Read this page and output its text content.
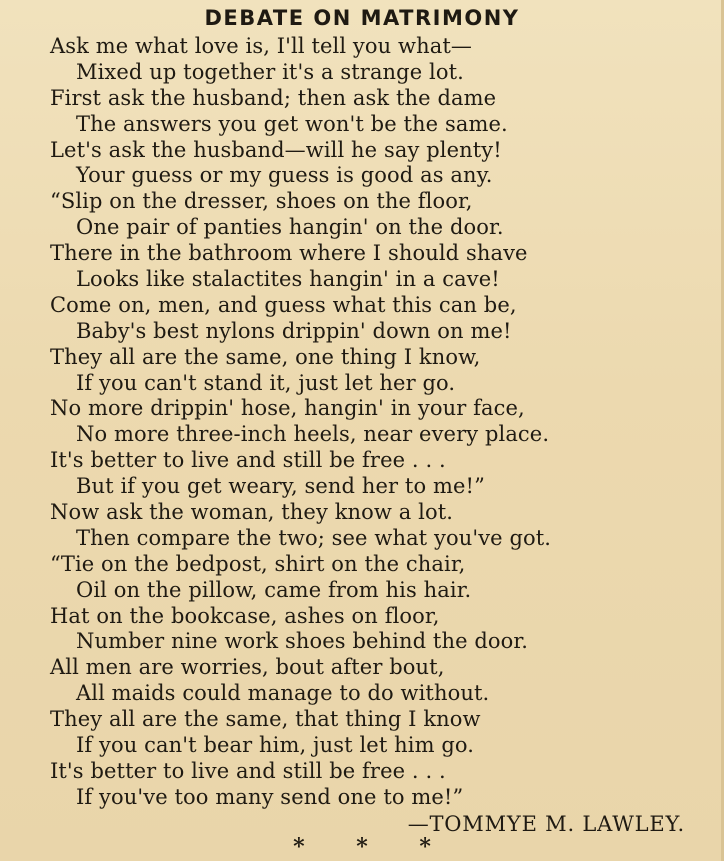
DEBATE ON MATRIMONY
Ask me what love is, I'll tell you what—
Mixed up together it's a strange lot.
First ask the husband; then ask the dame
The answers you get won't be the same.
Let's ask the husband—will he say plenty!
Your guess or my guess is good as any.
“Slip on the dresser, shoes on the floor,
One pair of panties hangin' on the door.
There in the bathroom where I should shave
Looks like stalactites hangin' in a cave!
Come on, men, and guess what this can be,
Baby's best nylons drippin' down on me!
They all are the same, one thing I know,
If you can't stand it, just let her go.
No more drippin' hose, hangin' in your face,
No more three-inch heels, near every place.
It's better to live and still be free . . .
But if you get weary, send her to me!”
Now ask the woman, they know a lot.
Then compare the two; see what you've got.
“Tie on the bedpost, shirt on the chair,
Oil on the pillow, came from his hair.
Hat on the bookcase, ashes on floor,
Number nine work shoes behind the door.
All men are worries, bout after bout,
All maids could manage to do without.
They all are the same, that thing I know
If you can't bear him, just let him go.
It's better to live and still be free . . .
If you've too many send one to me!”
—TOMMYE M. LAWLEY.
* * *
